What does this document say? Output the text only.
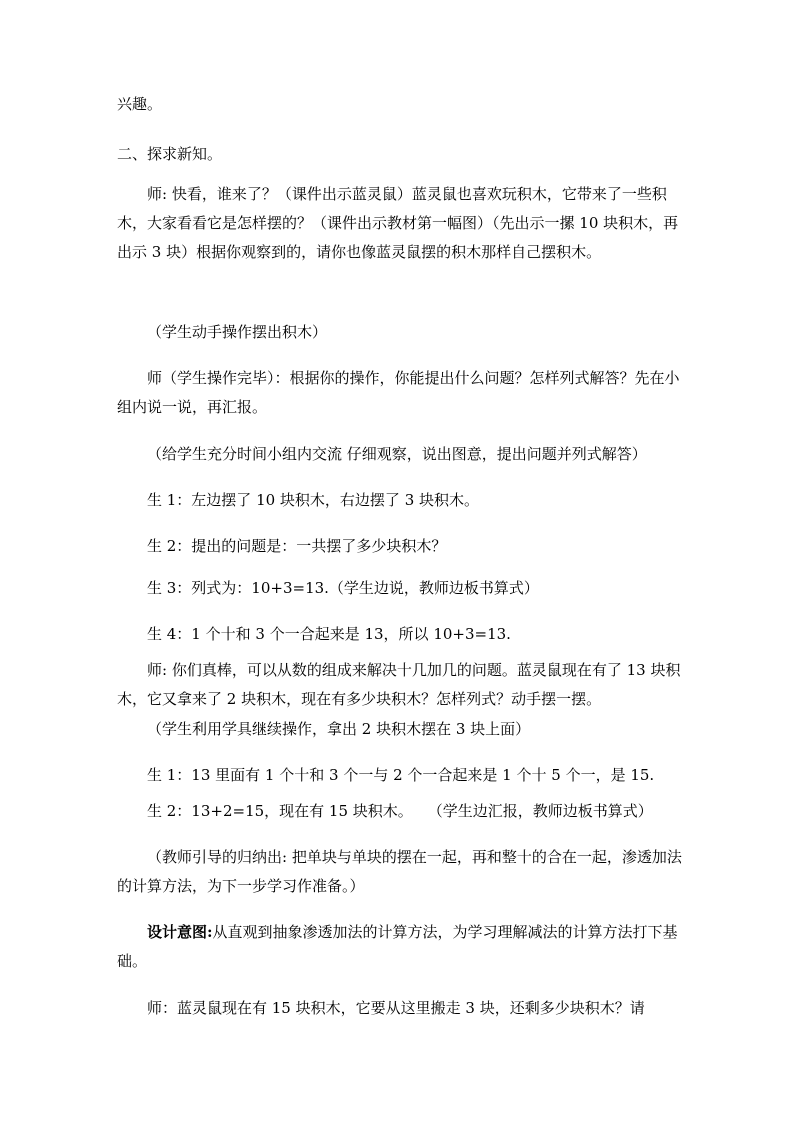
兴趣。

二、探求新知。

师: 快看，谁来了？（课件出示蓝灵鼠）蓝灵鼠也喜欢玩积木，它带来了一些积木，大家看看它是怎样摆的？（课件出示教材第一幅图）（先出示一摞 10 块积木，再出示 3 块）根据你观察到的，请你也像蓝灵鼠摆的积木那样自己摆积木。

（学生动手操作摆出积木）

师（学生操作完毕）：根据你的操作，你能提出什么问题？怎样列式解答？先在小组内说一说，再汇报。

（给学生充分时间小组内交流 仔细观察，说出图意，提出问题并列式解答）

生 1：左边摆了 10 块积木，右边摆了 3 块积木。

生 2：提出的问题是：一共摆了多少块积木？

生 3：列式为：10+3=13.（学生边说，教师边板书算式）

生 4：1 个十和 3 个一合起来是 13，所以 10+3=13.

师: 你们真棒，可以从数的组成来解决十几加几的问题。蓝灵鼠现在有了 13 块积木，它又拿来了 2 块积木，现在有多少块积木？怎样列式？动手摆一摆。

（学生利用学具继续操作，拿出 2 块积木摆在 3 块上面）

生 1：13 里面有 1 个十和 3 个一与 2 个一合起来是 1 个十 5 个一，是 15.

生 2：13+2=15，现在有 15 块积木。　　（学生边汇报，教师边板书算式）

（教师引导的归纳出: 把单块与单块的摆在一起，再和整十的合在一起，渗透加法的计算方法，为下一步学习作准备。）

设计意图:从直观到抽象渗透加法的计算方法，为学习理解减法的计算方法打下基础。

师：蓝灵鼠现在有 15 块积木，它要从这里搬走 3 块，还剩多少块积木？请
